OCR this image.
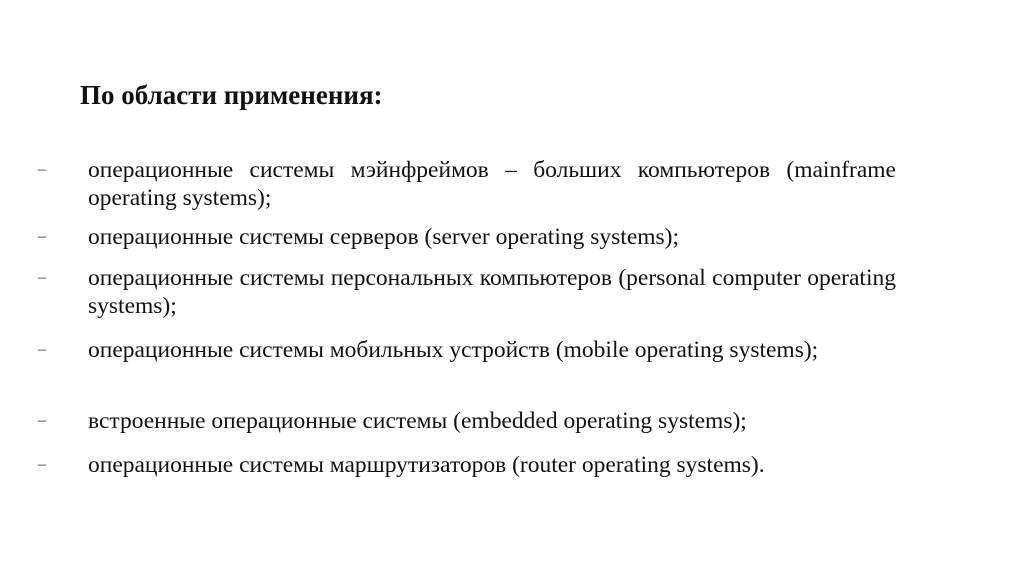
По области применения:
– операционные системы мэйнфреймов – больших компьютеров (mainframe operating systems);
– операционные системы серверов (server operating systems);
– операционные системы персональных компьютеров (personal computer operating systems);
– операционные системы мобильных устройств (mobile operating systems);
– встроенные операционные системы (embedded operating systems);
– операционные системы маршрутизаторов (router operating systems).
